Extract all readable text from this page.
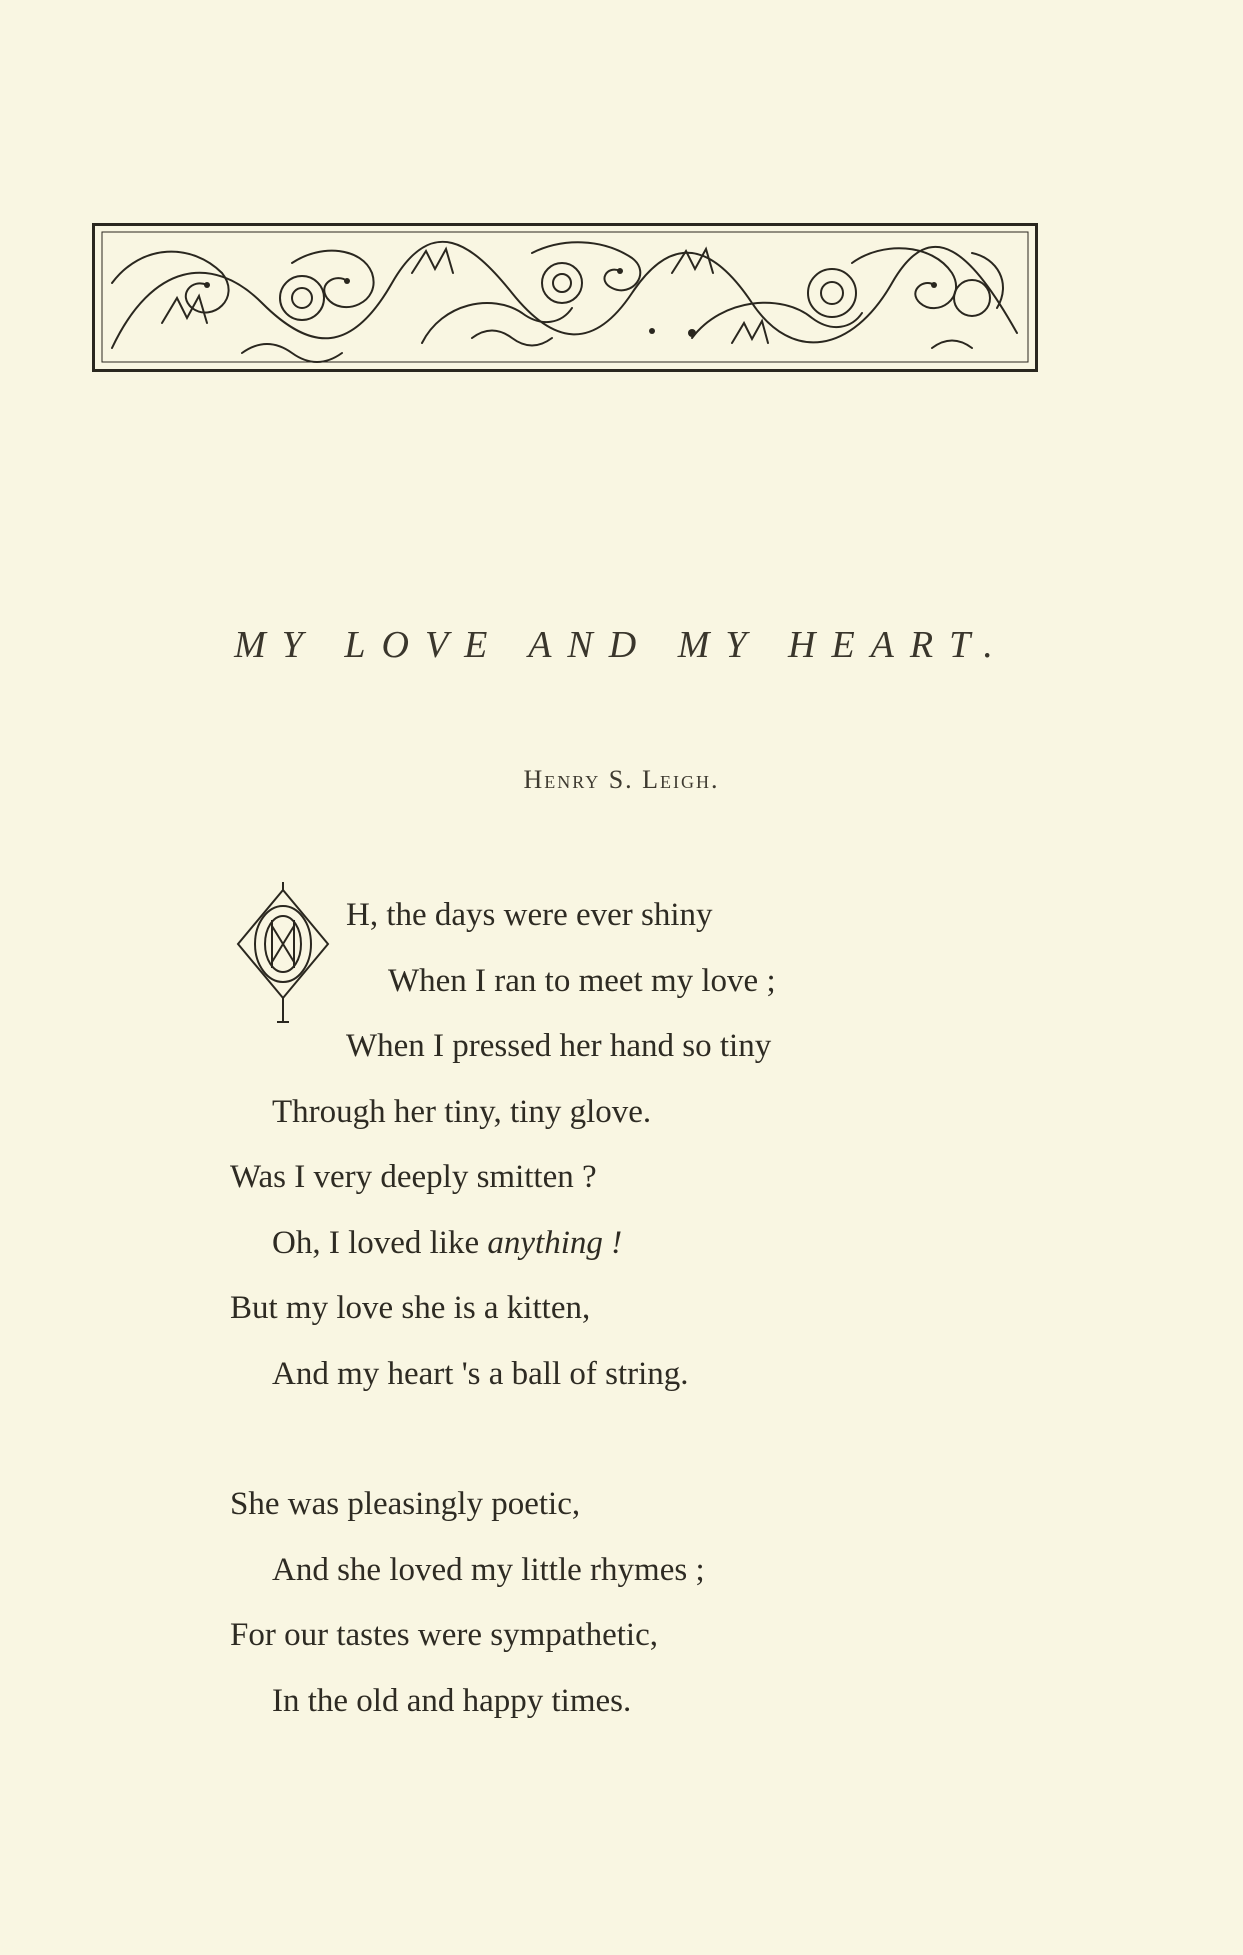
MY LOVE AND MY HEART.
Henry S. Leigh.
H, the days were ever shiny
When I ran to meet my love ;
When I pressed her hand so tiny
Through her tiny, tiny glove.
Was I very deeply smitten ?
Oh, I loved like anything !
But my love she is a kitten,
And my heart 's a ball of string.
She was pleasingly poetic,
And she loved my little rhymes ;
For our tastes were sympathetic,
In the old and happy times.
